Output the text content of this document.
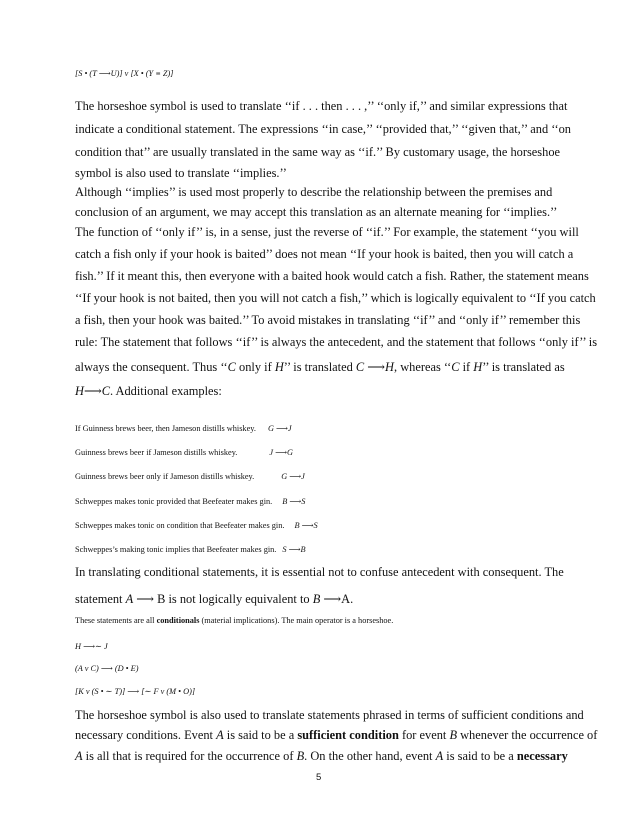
[S • (T ⟶U)] v [X • (Y ≡ Z)]
The horseshoe symbol is used to translate ‘‘if . . . then . . . ,’’ ‘‘only if,’’ and similar expressions that
indicate a conditional statement. The expressions ‘‘in case,’’ ‘‘provided that,’’ ‘‘given that,’’ and ‘‘on
condition that’’ are usually translated in the same way as ‘‘if.’’ By customary usage, the horseshoe
symbol is also used to translate ‘‘implies.’’
Although ‘‘implies’’ is used most properly to describe the relationship between the premises and
conclusion of an argument, we may accept this translation as an alternate meaning for ‘‘implies.’’
The function of ‘‘only if’’ is, in a sense, just the reverse of ‘‘if.’’ For example, the statement ‘‘you will
catch a fish only if your hook is baited’’ does not mean ‘‘If your hook is baited, then you will catch a
fish.’’ If it meant this, then everyone with a baited hook would catch a fish. Rather, the statement means
‘‘If your hook is not baited, then you will not catch a fish,’’ which is logically equivalent to ‘‘If you catch
a fish, then your hook was baited.’’ To avoid mistakes in translating ‘‘if’’ and ‘‘only if’’ remember this
rule: The statement that follows ‘‘if’’ is always the antecedent, and the statement that follows ‘‘only if’’ is
always the consequent. Thus ‘‘C only if H’’ is translated C ⟶H, whereas ‘‘C if H’’ is translated as
H⟶C. Additional examples:
If Guinness brews beer, then Jameson distills whiskey. G ⟶J
Guinness brews beer if Jameson distills whiskey.	J ⟶G
Guinness brews beer only if Jameson distills whiskey.	G ⟶J
Schweppes makes tonic provided that Beefeater makes gin. B ⟶S
Schweppes makes tonic on condition that Beefeater makes gin. B ⟶S
Schweppes’s making tonic implies that Beefeater makes gin. S ⟶B
In translating conditional statements, it is essential not to confuse antecedent with consequent. The
statement A ⟶ B is not logically equivalent to B ⟶A.
These statements are all conditionals (material implications). The main operator is a horseshoe.
H ⟶∼ J
(A v C) ⟶ (D • E)
[K v (S • ∼ T)] ⟶ [∼ F v (M • O)]
The horseshoe symbol is also used to translate statements phrased in terms of sufficient conditions and
necessary conditions. Event A is said to be a sufficient condition for event B whenever the occurrence of
A is all that is required for the occurrence of B. On the other hand, event A is said to be a necessary
5
